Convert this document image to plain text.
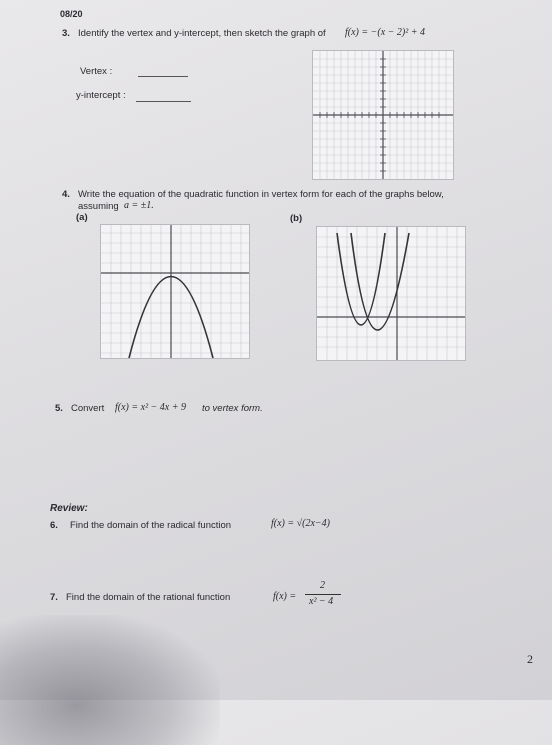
08/20
3. Identify the vertex and y-intercept, then sketch the graph of f(x) = −(x − 2)² + 4
Vertex :
y-intercept :
4. Write the equation of the quadratic function in vertex form for each of the graphs below,
assuming a = ±1.
(a)	(b)
5. Convert f(x) = x² − 4x + 9 to vertex form.
Review:
6. Find the domain of the radical function	f(x) = √(2x−4)
7. Find the domain of the rational function	f(x) =
2
x² − 4
2
